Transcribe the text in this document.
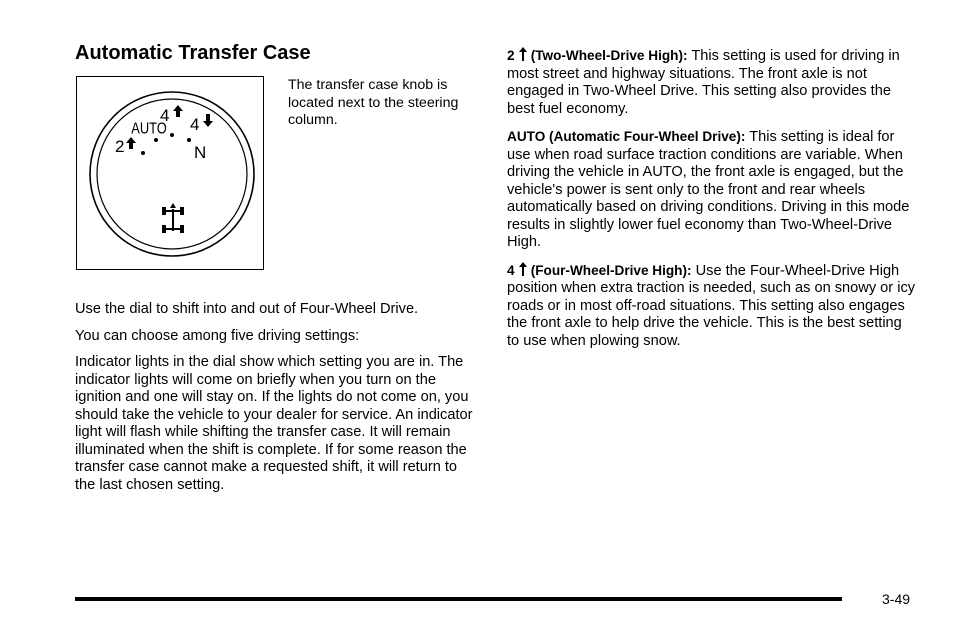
Automatic Transfer Case
2
AUTO
4 4
N
The transfer case knob is located next to the steering column.

Use the dial to shift into and out of Four-Wheel Drive.

You can choose among five driving settings:

Indicator lights in the dial show which setting you are in. The indicator lights will come on briefly when you turn on the ignition and one will stay on. If the lights do not come on, you should take the vehicle to your dealer for service. An indicator light will flash while shifting the transfer case. It will remain illuminated when the shift is complete. If for some reason the transfer case cannot make a requested shift, it will return to the last chosen setting.

2 (Two-Wheel-Drive High): This setting is used for driving in most street and highway situations. The front axle is not engaged in Two-Wheel Drive. This setting also provides the best fuel economy.

AUTO (Automatic Four-Wheel Drive): This setting is ideal for use when road surface traction conditions are variable. When driving the vehicle in AUTO, the front axle is engaged, but the vehicle's power is sent only to the front and rear wheels automatically based on driving conditions. Driving in this mode results in slightly lower fuel economy than Two-Wheel-Drive High.

4 (Four-Wheel-Drive High): Use the Four-Wheel-Drive High position when extra traction is needed, such as on snowy or icy roads or in most off-road situations. This setting also engages the front axle to help drive the vehicle. This is the best setting to use when plowing snow.

3-49
